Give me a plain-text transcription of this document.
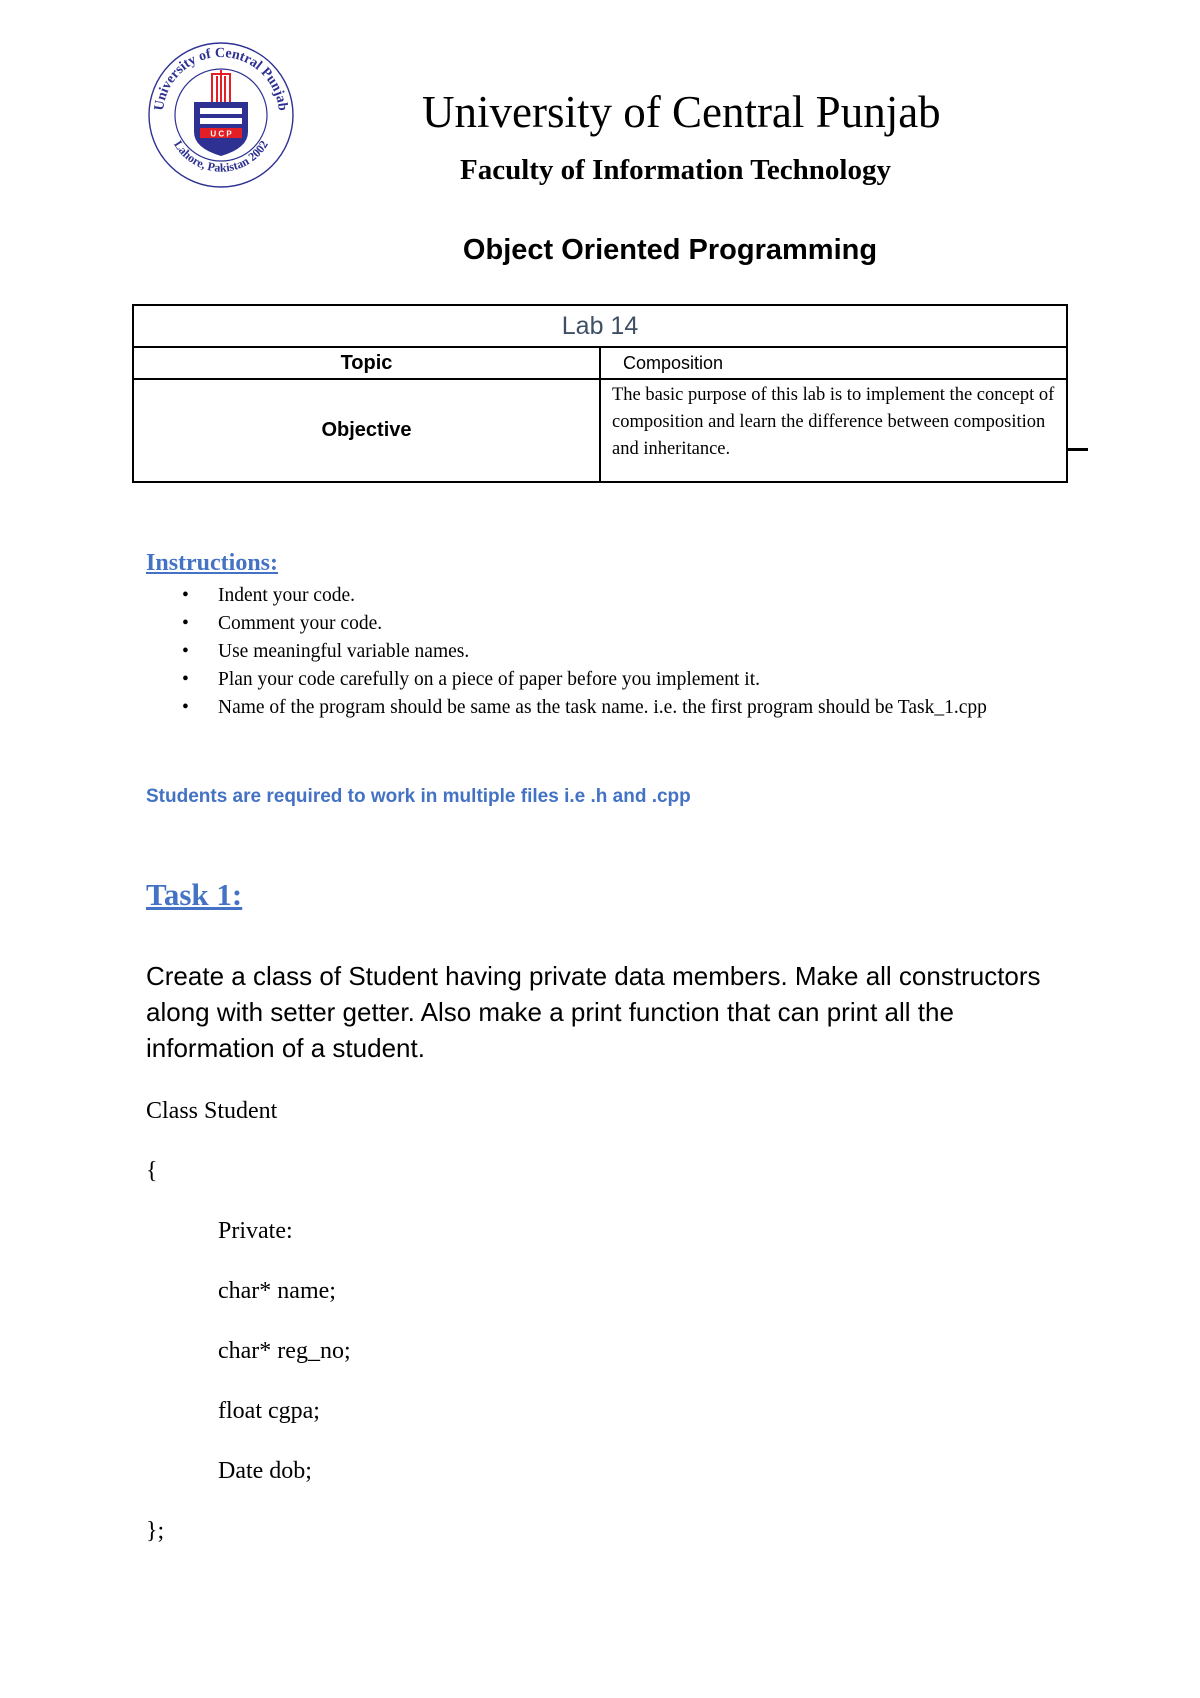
University of Central Punjab
Lahore, Pakistan 2002
U C P	University of Central Punjab
Faculty of Information Technology
Object Oriented Programming
Lab 14	
Topic	Composition
Objective	The basic purpose of this lab is to implement the concept of composition and learn the difference between composition and inheritance.
Instructions:
• Indent your code.
• Comment your code.
• Use meaningful variable names.
• Plan your code carefully on a piece of paper before you implement it.
• Name of the program should be same as the task name. i.e. the first program should be Task_1.cpp
Students are required to work in multiple files i.e .h and .cpp
Task 1:
Create a class of Student having private data members. Make all constructors along with setter getter. Also make a print function that can print all the information of a student.
Class Student
{
Private:
char* name;
char* reg_no;
float cgpa;
Date dob;
};
